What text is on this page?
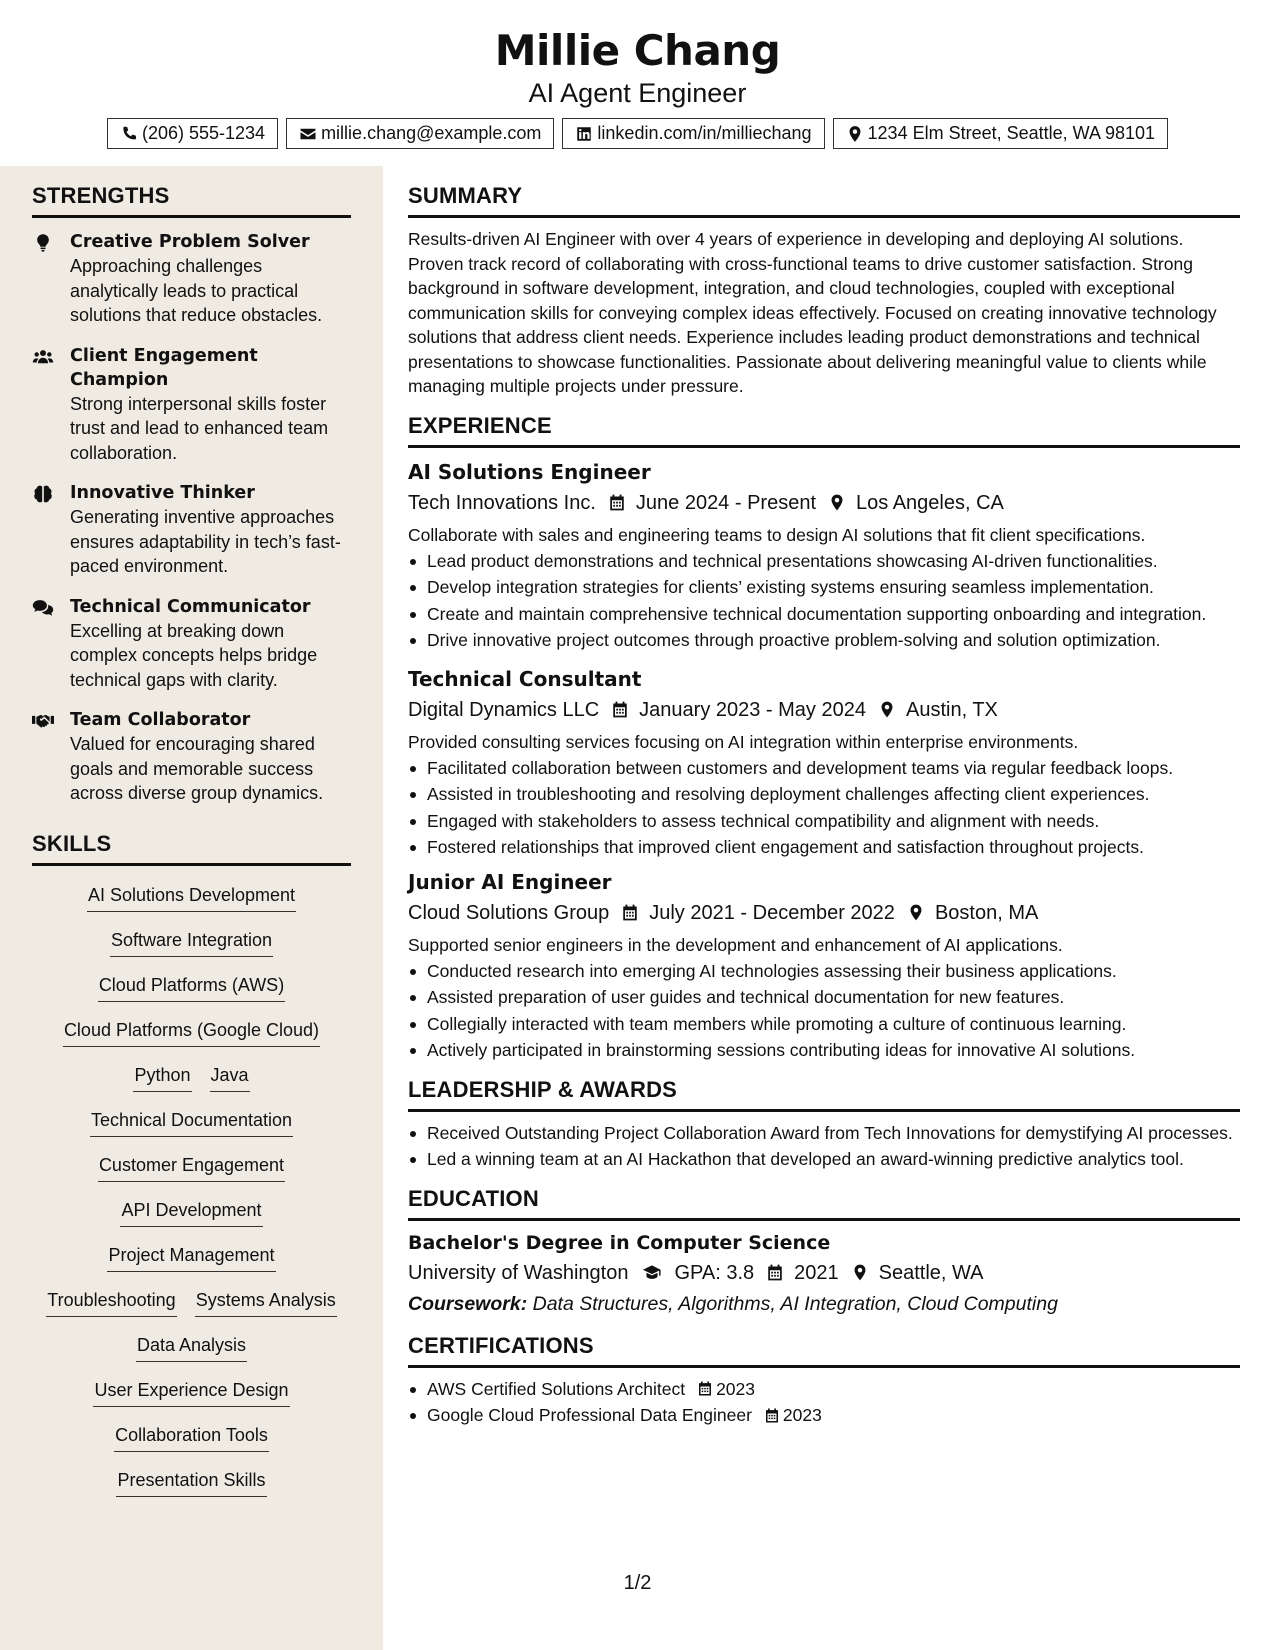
Millie Chang
AI Agent Engineer
(206) 555-1234	millie.chang@example.com	linkedin.com/in/milliechang	1234 Elm Street, Seattle, WA 98101
STRENGTHS
Creative Problem Solver
Approaching challenges analytically leads to practical solutions that reduce obstacles.
Client Engagement Champion
Strong interpersonal skills foster trust and lead to enhanced team collaboration.
Innovative Thinker
Generating inventive approaches ensures adaptability in tech’s fast-paced environment.
Technical Communicator
Excelling at breaking down complex concepts helps bridge technical gaps with clarity.
Team Collaborator
Valued for encouraging shared goals and memorable success across diverse group dynamics.
SKILLS
AI Solutions Development
Software Integration
Cloud Platforms (AWS)
Cloud Platforms (Google Cloud)
Python Java
Technical Documentation
Customer Engagement
API Development
Project Management
Troubleshooting Systems Analysis
Data Analysis
User Experience Design
Collaboration Tools
Presentation Skills
SUMMARY
Results-driven AI Engineer with over 4 years of experience in developing and deploying AI solutions. Proven track record of collaborating with cross-functional teams to drive customer satisfaction. Strong background in software development, integration, and cloud technologies, coupled with exceptional communication skills for conveying complex ideas effectively. Focused on creating innovative technology solutions that address client needs. Experience includes leading product demonstrations and technical presentations to showcase functionalities. Passionate about delivering meaningful value to clients while managing multiple projects under pressure.
EXPERIENCE
AI Solutions Engineer
Tech Innovations Inc. June 2024 - Present Los Angeles, CA
Collaborate with sales and engineering teams to design AI solutions that fit client specifications.
Lead product demonstrations and technical presentations showcasing AI-driven functionalities.
Develop integration strategies for clients’ existing systems ensuring seamless implementation.
Create and maintain comprehensive technical documentation supporting onboarding and integration.
Drive innovative project outcomes through proactive problem-solving and solution optimization.
Technical Consultant
Digital Dynamics LLC January 2023 - May 2024 Austin, TX
Provided consulting services focusing on AI integration within enterprise environments.
Facilitated collaboration between customers and development teams via regular feedback loops.
Assisted in troubleshooting and resolving deployment challenges affecting client experiences.
Engaged with stakeholders to assess technical compatibility and alignment with needs.
Fostered relationships that improved client engagement and satisfaction throughout projects.
Junior AI Engineer
Cloud Solutions Group July 2021 - December 2022 Boston, MA
Supported senior engineers in the development and enhancement of AI applications.
Conducted research into emerging AI technologies assessing their business applications.
Assisted preparation of user guides and technical documentation for new features.
Collegially interacted with team members while promoting a culture of continuous learning.
Actively participated in brainstorming sessions contributing ideas for innovative AI solutions.
LEADERSHIP & AWARDS
Received Outstanding Project Collaboration Award from Tech Innovations for demystifying AI processes.
Led a winning team at an AI Hackathon that developed an award-winning predictive analytics tool.
EDUCATION
Bachelor's Degree in Computer Science
University of Washington GPA: 3.8 2021 Seattle, WA
Coursework: Data Structures, Algorithms, AI Integration, Cloud Computing
CERTIFICATIONS
AWS Certified Solutions Architect 2023
Google Cloud Professional Data Engineer 2023
1/2
